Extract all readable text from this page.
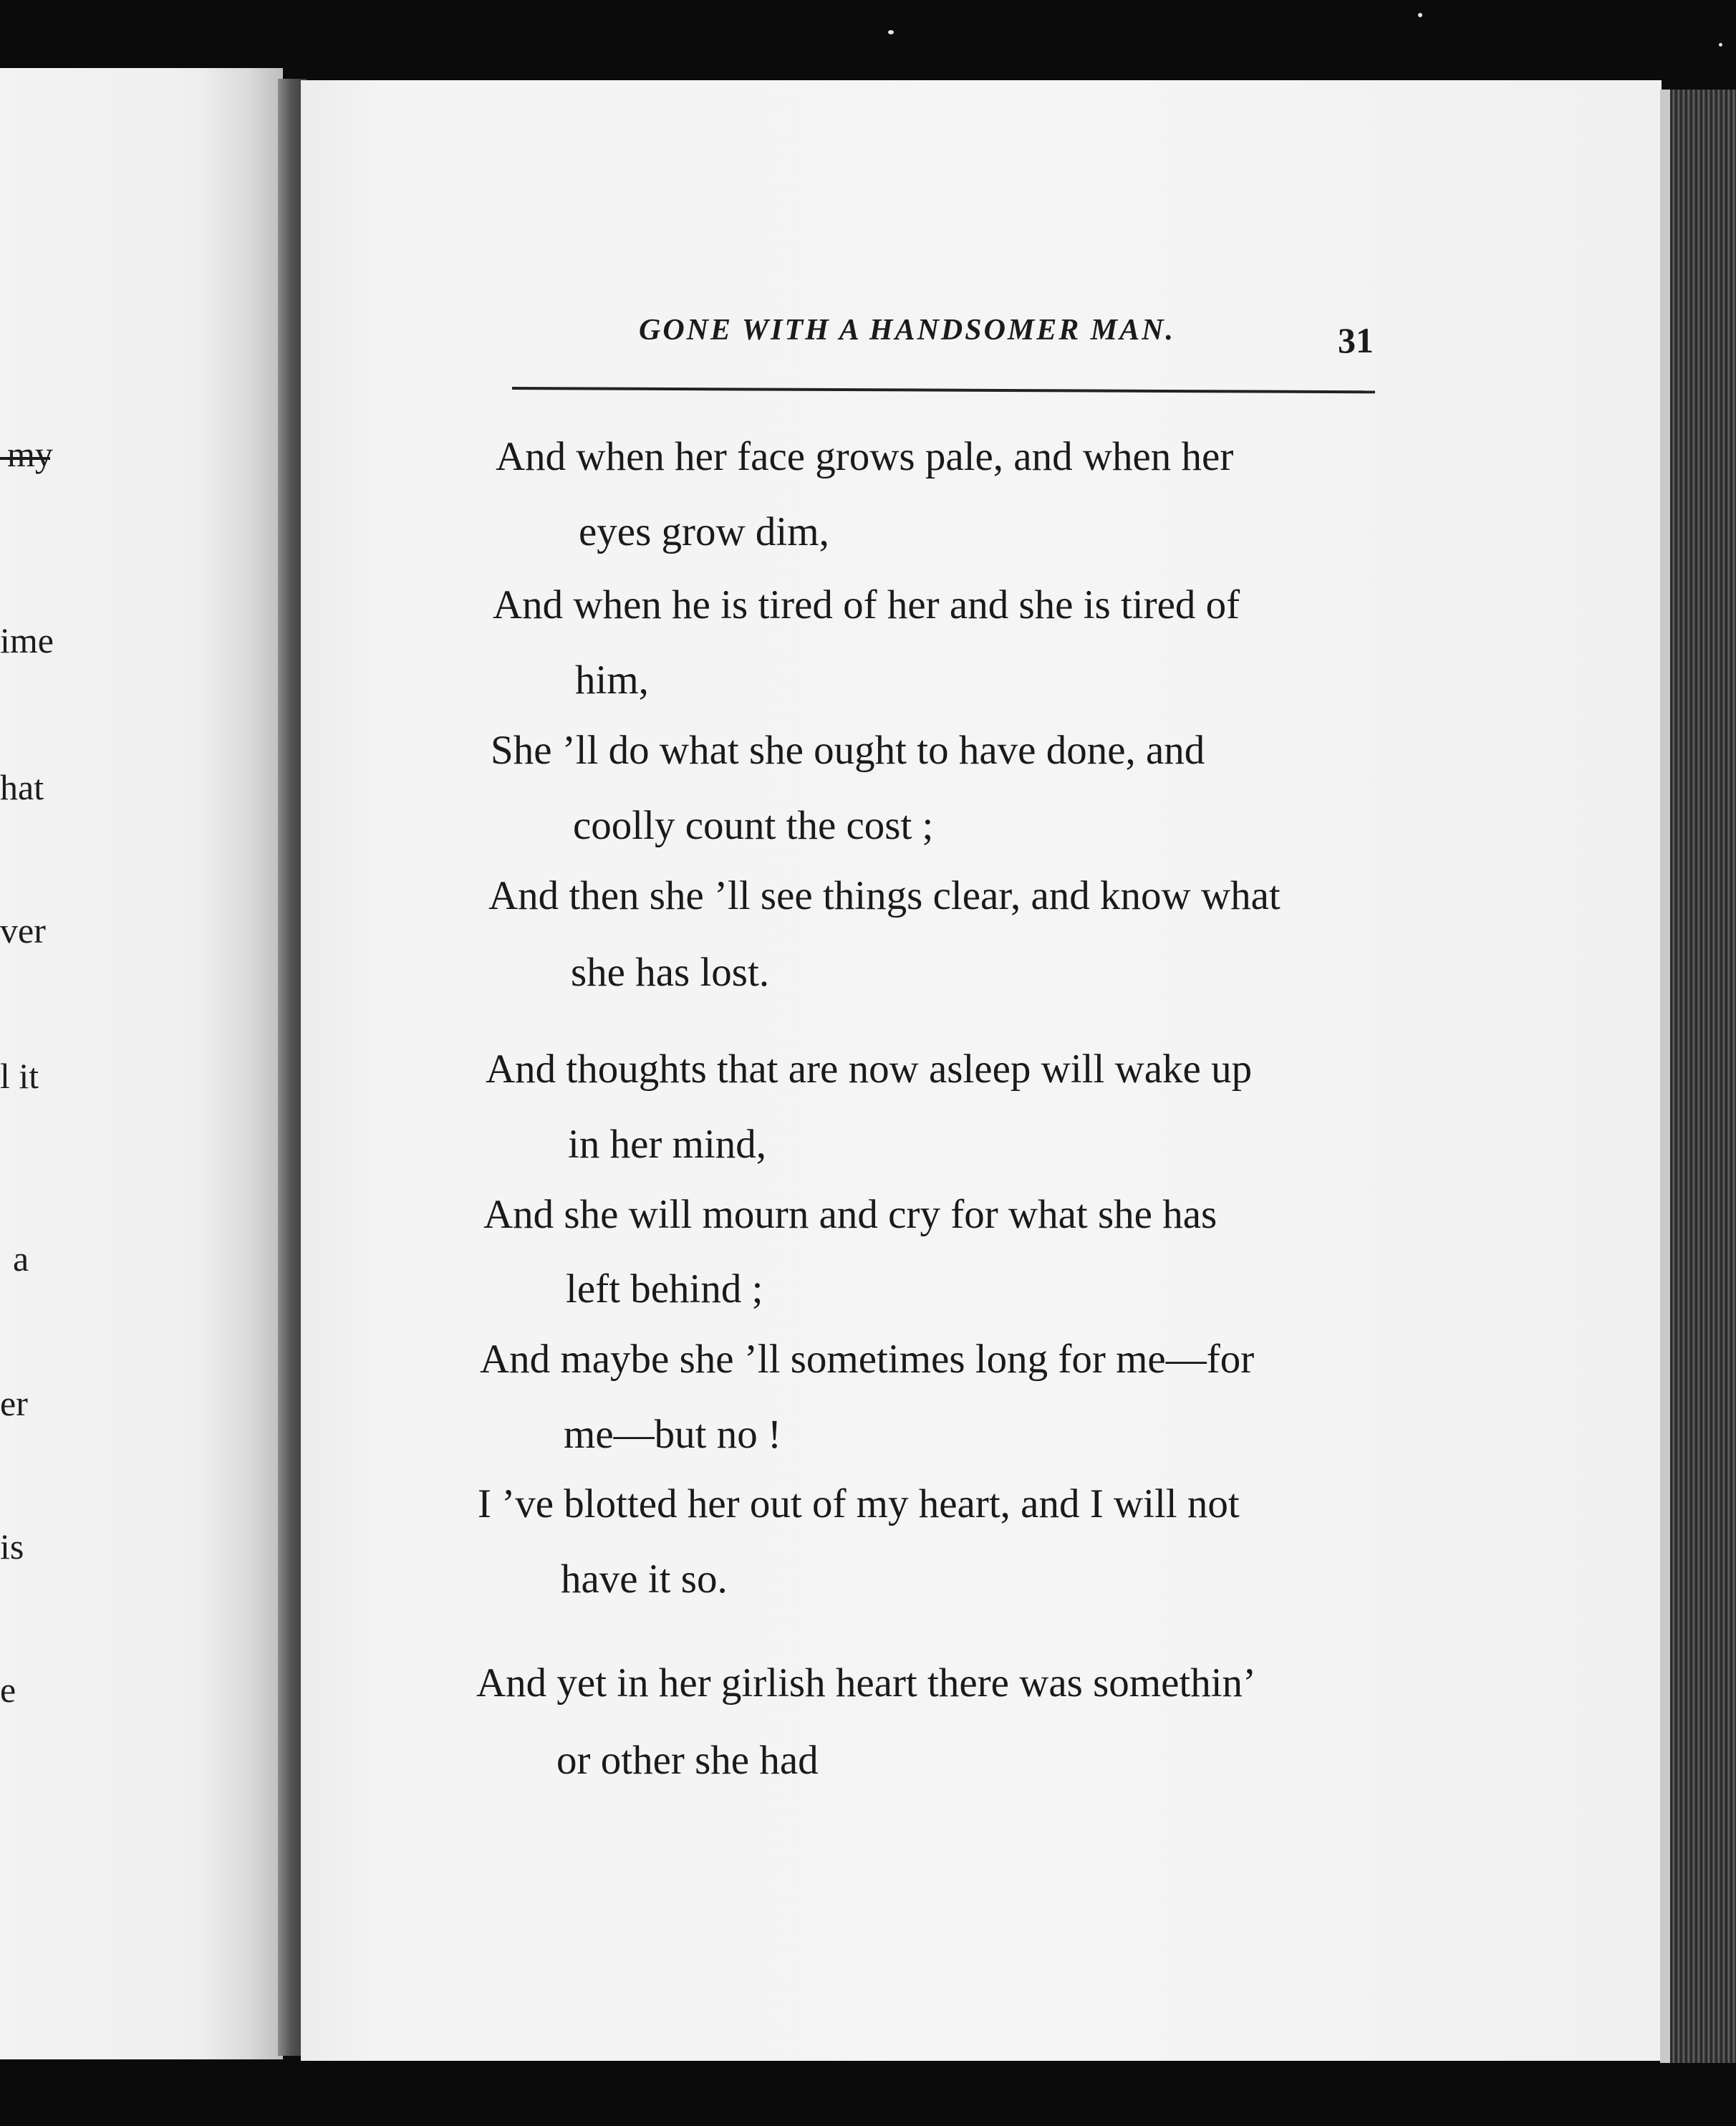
my
ime
hat
ver
l it
a
er
is
e
GONE WITH A HANDSOMER MAN.	31
And when her face grows pale, and when her
eyes grow dim,
And when he is tired of her and she is tired of
him,
She ’ll do what she ought to have done, and
coolly count the cost ;
And then she ’ll see things clear, and know what
she has lost.
And thoughts that are now asleep will wake up
in her mind,
And she will mourn and cry for what she has
left behind ;
And maybe she ’ll sometimes long for me—for
me—but no !
I ’ve blotted her out of my heart, and I will not
have it so.
And yet in her girlish heart there was somethin’
or other she had
